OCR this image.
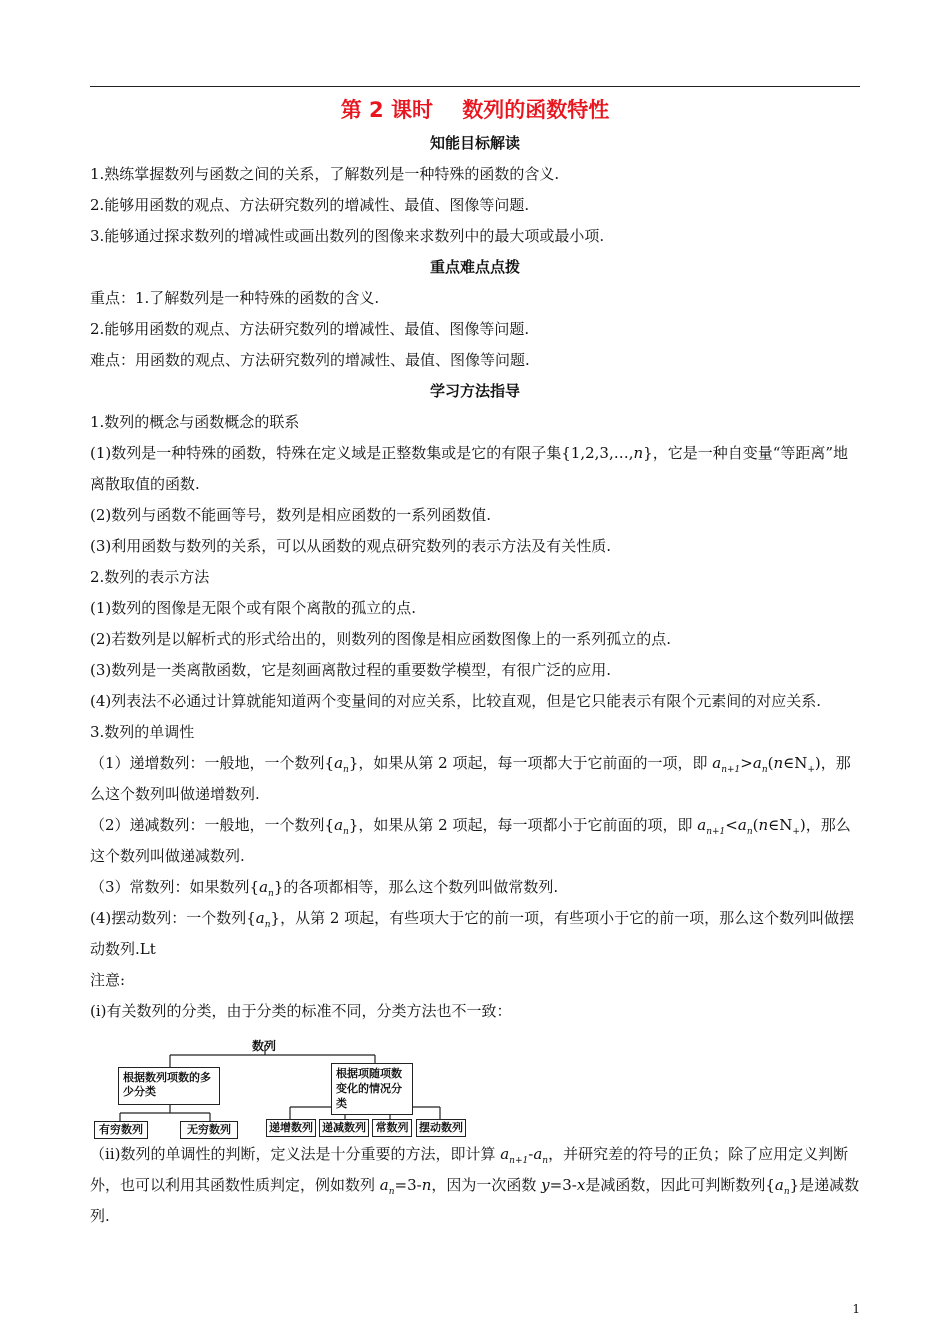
第 2 课时    数列的函数特性

知能目标解读

1.熟练掌握数列与函数之间的关系，了解数列是一种特殊的函数的含义.

2.能够用函数的观点、方法研究数列的增减性、最值、图像等问题.

3.能够通过探求数列的增减性或画出数列的图像来求数列中的最大项或最小项.

重点难点点拨

重点：1.了解数列是一种特殊的函数的含义.

2.能够用函数的观点、方法研究数列的增减性、最值、图像等问题.

难点：用函数的观点、方法研究数列的增减性、最值、图像等问题.

学习方法指导

1.数列的概念与函数概念的联系

(1)数列是一种特殊的函数，特殊在定义域是正整数集或是它的有限子集{1,2,3,…,n}，它是一种自变量“等距离”地离散取值的函数.

(2)数列与函数不能画等号，数列是相应函数的一系列函数值.

(3)利用函数与数列的关系，可以从函数的观点研究数列的表示方法及有关性质.

2.数列的表示方法

(1)数列的图像是无限个或有限个离散的孤立的点.

(2)若数列是以解析式的形式给出的，则数列的图像是相应函数图像上的一系列孤立的点.

(3)数列是一类离散函数，它是刻画离散过程的重要数学模型，有很广泛的应用.

(4)列表法不必通过计算就能知道两个变量间的对应关系，比较直观，但是它只能表示有限个元素间的对应关系.

3.数列的单调性

（1）递增数列：一般地，一个数列$\{a_n\}$，如果从第 2 项起，每一项都大于它前面的一项，即 $a_{n+1}>a_n(n\in N_+)$，那么这个数列叫做递增数列.

（2）递减数列：一般地，一个数列$\{a_n\}$，如果从第 2 项起，每一项都小于它前面的项，即 $a_{n+1}<a_n(n\in N_+)$，那么这个数列叫做递减数列.

（3）常数列：如果数列$\{a_n\}$的各项都相等，那么这个数列叫做常数列.

(4)摆动数列：一个数列$\{a_n\}$，从第 2 项起，有些项大于它的前一项，有些项小于它的前一项，那么这个数列叫做摆动数列.Lt

注意:

(ⅰ)有关数列的分类，由于分类的标准不同，分类方法也不一致：

数列
根据数列项数的多少分类
根据项随项数变化的情况分类
有穷数列	无穷数列	递增数列 递减数列 常数列 摆动数列

（ⅱ)数列的单调性的判断，定义法是十分重要的方法，即计算 $a_{n+1}-a_n$，并研究差的符号的正负；除了应用定义判断外，也可以利用其函数性质判定，例如数列 $a_n=3-n$，因为一次函数 y=3-x是减函数，因此可判断数列$\{a_n\}$是递减数列.

1
